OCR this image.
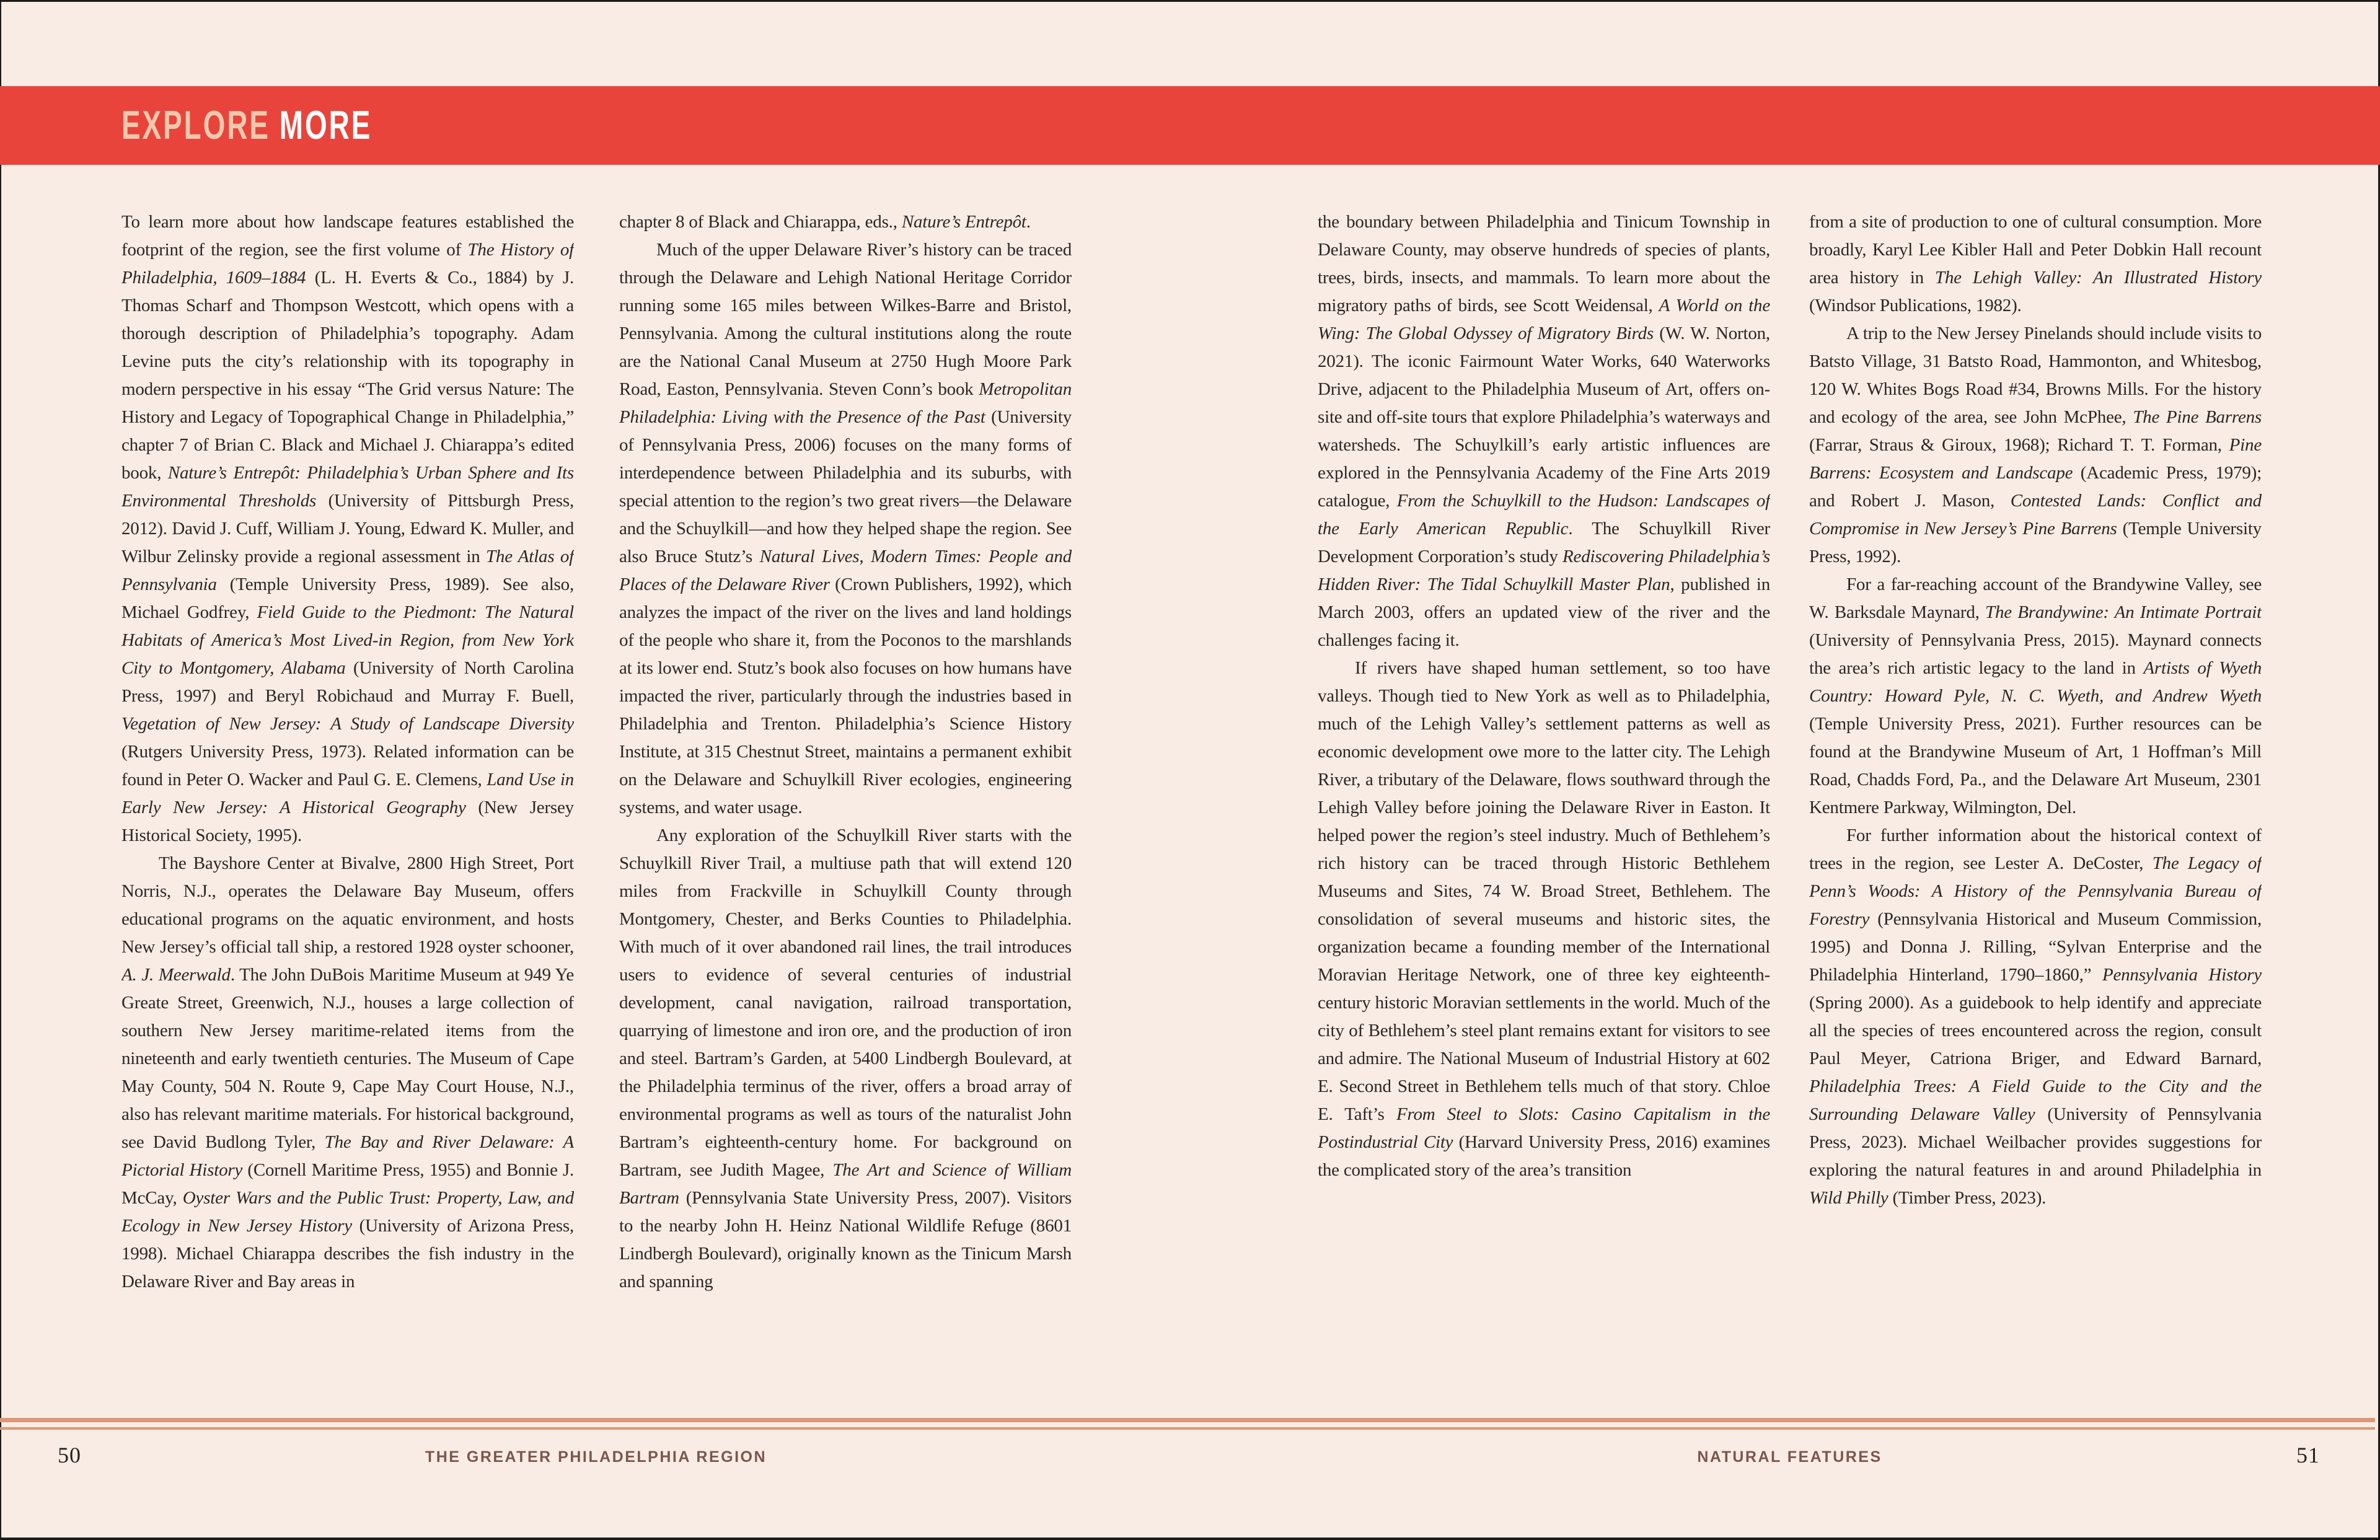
EXPLORE MORE

To learn more about how landscape features established the footprint of the region, see the first volume of The History of Philadelphia, 1609–1884 (L. H. Everts & Co., 1884) by J. Thomas Scharf and Thompson Westcott, which opens with a thorough description of Philadelphia’s topography. Adam Levine puts the city’s relationship with its topography in modern perspective in his essay “The Grid versus Nature: The History and Legacy of Topographical Change in Philadelphia,” chapter 7 of Brian C. Black and Michael J. Chiarappa’s edited book, Nature’s Entrepôt: Philadelphia’s Urban Sphere and Its Environmental Thresholds (University of Pittsburgh Press, 2012). David J. Cuff, William J. Young, Edward K. Muller, and Wilbur Zelinsky provide a regional assessment in The Atlas of Pennsylvania (Temple University Press, 1989). See also, Michael Godfrey, Field Guide to the Piedmont: The Natural Habitats of America’s Most Lived-in Region, from New York City to Montgomery, Alabama (University of North Carolina Press, 1997) and Beryl Robichaud and Murray F. Buell, Vegetation of New Jersey: A Study of Landscape Diversity (Rutgers University Press, 1973). Related information can be found in Peter O. Wacker and Paul G. E. Clemens, Land Use in Early New Jersey: A Historical Geography (New Jersey Historical Society, 1995).

The Bayshore Center at Bivalve, 2800 High Street, Port Norris, N.J., operates the Delaware Bay Museum, offers educational programs on the aquatic environment, and hosts New Jersey’s official tall ship, a restored 1928 oyster schooner, A. J. Meerwald. The John DuBois Maritime Museum at 949 Ye Greate Street, Greenwich, N.J., houses a large collection of southern New Jersey maritime-related items from the nineteenth and early twentieth centuries. The Museum of Cape May County, 504 N. Route 9, Cape May Court House, N.J., also has relevant maritime materials. For historical background, see David Budlong Tyler, The Bay and River Delaware: A Pictorial History (Cornell Maritime Press, 1955) and Bonnie J. McCay, Oyster Wars and the Public Trust: Property, Law, and Ecology in New Jersey History (University of Arizona Press, 1998). Michael Chiarappa describes the fish industry in the Delaware River and Bay areas in

chapter 8 of Black and Chiarappa, eds., Nature’s Entrepôt.

Much of the upper Delaware River’s history can be traced through the Delaware and Lehigh National Heritage Corridor running some 165 miles between Wilkes-Barre and Bristol, Pennsylvania. Among the cultural institutions along the route are the National Canal Museum at 2750 Hugh Moore Park Road, Easton, Pennsylvania. Steven Conn’s book Metropolitan Philadelphia: Living with the Presence of the Past (University of Pennsylvania Press, 2006) focuses on the many forms of interdependence between Philadelphia and its suburbs, with special attention to the region’s two great rivers—the Delaware and the Schuylkill—and how they helped shape the region. See also Bruce Stutz’s Natural Lives, Modern Times: People and Places of the Delaware River (Crown Publishers, 1992), which analyzes the impact of the river on the lives and land holdings of the people who share it, from the Poconos to the marshlands at its lower end. Stutz’s book also focuses on how humans have impacted the river, particularly through the industries based in Philadelphia and Trenton. Philadelphia’s Science History Institute, at 315 Chestnut Street, maintains a permanent exhibit on the Delaware and Schuylkill River ecologies, engineering systems, and water usage.

Any exploration of the Schuylkill River starts with the Schuylkill River Trail, a multiuse path that will extend 120 miles from Frackville in Schuylkill County through Montgomery, Chester, and Berks Counties to Philadelphia. With much of it over abandoned rail lines, the trail introduces users to evidence of several centuries of industrial development, canal navigation, railroad transportation, quarrying of limestone and iron ore, and the production of iron and steel. Bartram’s Garden, at 5400 Lindbergh Boulevard, at the Philadelphia terminus of the river, offers a broad array of environmental programs as well as tours of the naturalist John Bartram’s eighteenth-century home. For background on Bartram, see Judith Magee, The Art and Science of William Bartram (Pennsylvania State University Press, 2007). Visitors to the nearby John H. Heinz National Wildlife Refuge (8601 Lindbergh Boulevard), originally known as the Tinicum Marsh and spanning

the boundary between Philadelphia and Tinicum Township in Delaware County, may observe hundreds of species of plants, trees, birds, insects, and mammals. To learn more about the migratory paths of birds, see Scott Weidensal, A World on the Wing: The Global Odyssey of Migratory Birds (W. W. Norton, 2021). The iconic Fairmount Water Works, 640 Waterworks Drive, adjacent to the Philadelphia Museum of Art, offers on-site and off-site tours that explore Philadelphia’s waterways and watersheds. The Schuylkill’s early artistic influences are explored in the Pennsylvania Academy of the Fine Arts 2019 catalogue, From the Schuylkill to the Hudson: Landscapes of the Early American Republic. The Schuylkill River Development Corporation’s study Rediscovering Philadelphia’s Hidden River: The Tidal Schuylkill Master Plan, published in March 2003, offers an updated view of the river and the challenges facing it.

If rivers have shaped human settlement, so too have valleys. Though tied to New York as well as to Philadelphia, much of the Lehigh Valley’s settlement patterns as well as economic development owe more to the latter city. The Lehigh River, a tributary of the Delaware, flows southward through the Lehigh Valley before joining the Delaware River in Easton. It helped power the region’s steel industry. Much of Bethlehem’s rich history can be traced through Historic Bethlehem Museums and Sites, 74 W. Broad Street, Bethlehem. The consolidation of several museums and historic sites, the organization became a founding member of the International Moravian Heritage Network, one of three key eighteenth-century historic Moravian settlements in the world. Much of the city of Bethlehem’s steel plant remains extant for visitors to see and admire. The National Museum of Industrial History at 602 E. Second Street in Bethlehem tells much of that story. Chloe E. Taft’s From Steel to Slots: Casino Capitalism in the Postindustrial City (Harvard University Press, 2016) examines the complicated story of the area’s transition

from a site of production to one of cultural consumption. More broadly, Karyl Lee Kibler Hall and Peter Dobkin Hall recount area history in The Lehigh Valley: An Illustrated History (Windsor Publications, 1982).

A trip to the New Jersey Pinelands should include visits to Batsto Village, 31 Batsto Road, Hammonton, and Whitesbog, 120 W. Whites Bogs Road #34, Browns Mills. For the history and ecology of the area, see John McPhee, The Pine Barrens (Farrar, Straus & Giroux, 1968); Richard T. T. Forman, Pine Barrens: Ecosystem and Landscape (Academic Press, 1979); and Robert J. Mason, Contested Lands: Conflict and Compromise in New Jersey’s Pine Barrens (Temple University Press, 1992).

For a far-reaching account of the Brandywine Valley, see W. Barksdale Maynard, The Brandywine: An Intimate Portrait (University of Pennsylvania Press, 2015). Maynard connects the area’s rich artistic legacy to the land in Artists of Wyeth Country: Howard Pyle, N. C. Wyeth, and Andrew Wyeth (Temple University Press, 2021). Further resources can be found at the Brandywine Museum of Art, 1 Hoffman’s Mill Road, Chadds Ford, Pa., and the Delaware Art Museum, 2301 Kentmere Parkway, Wilmington, Del.

For further information about the historical context of trees in the region, see Lester A. DeCoster, The Legacy of Penn’s Woods: A History of the Pennsylvania Bureau of Forestry (Pennsylvania Historical and Museum Commission, 1995) and Donna J. Rilling, “Sylvan Enterprise and the Philadelphia Hinterland, 1790–1860,” Pennsylvania History (Spring 2000). As a guidebook to help identify and appreciate all the species of trees encountered across the region, consult Paul Meyer, Catriona Briger, and Edward Barnard, Philadelphia Trees: A Field Guide to the City and the Surrounding Delaware Valley (University of Pennsylvania Press, 2023). Michael Weilbacher provides suggestions for exploring the natural features in and around Philadelphia in Wild Philly (Timber Press, 2023).

50	THE GREATER PHILADELPHIA REGION	NATURAL FEATURES	51
